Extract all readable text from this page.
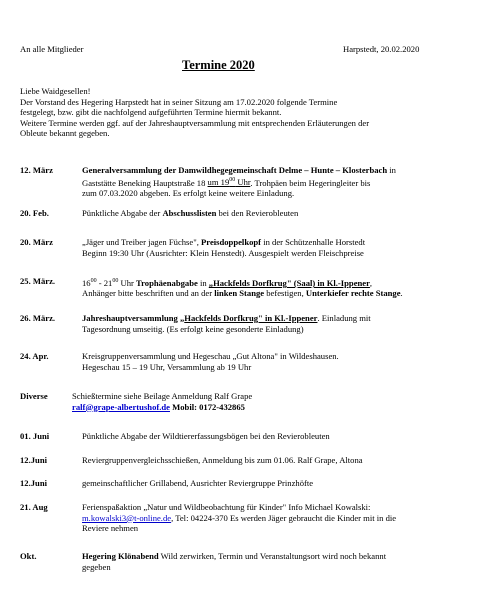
An alle Mitglieder	Harpstedt, 20.02.2020
Termine 2020
Liebe Waidgesellen!
Der Vorstand des Hegering Harpstedt hat in seiner Sitzung am 17.02.2020 folgende Termine
festgelegt, bzw. gibt die nachfolgend aufgeführten Termine hiermit bekannt.
Weitere Termine werden ggf. auf der Jahreshauptversammlung mit entsprechenden Erläuterungen der
Obleute bekannt gegeben.
12. März	Generalversammlung der Damwildhegegemeinschaft Delme – Hunte – Klosterbach in
Gaststätte Beneking Hauptstraße 18 um $19^{00}$ Uhr. Trohpäen beim Hegeringleiter bis
zum 07.03.2020 abgeben. Es erfolgt keine weitere Einladung.
20. Feb.	Pünktliche Abgabe der Abschusslisten bei den Revierobleuten
20. März	„Jäger und Treiber jagen Füchse", Preisdoppelkopf in der Schützenhalle Horstedt
Beginn 19:30 Uhr (Ausrichter: Klein Henstedt). Ausgespielt werden Fleischpreise
25. März.	$16^{00} - 21^{00}$ Uhr Trophäenabgabe in „Hackfelds Dorfkrug" (Saal) in Kl.-Ippener,
Anhänger bitte beschriften und an der linken Stange befestigen, Unterkiefer rechte Stange.
26. März.	Jahreshauptversammlung „Hackfelds Dorfkrug" in Kl.-Ippener. Einladung mit
Tagesordnung umseitig. (Es erfolgt keine gesonderte Einladung)
24. Apr.	Kreisgruppenversammlung und Hegeschau „Gut Altona" in Wildeshausen.
Hegeschau 15 – 19 Uhr, Versammlung ab 19 Uhr
Diverse	Schießtermine siehe Beilage Anmeldung Ralf Grape
ralf@grape-albertushof.de Mobil: 0172-432865
01. Juni	Pünktliche Abgabe der Wildtiererfassungsbögen bei den Revierobleuten
12.Juni	Reviergruppenvergleichsschießen, Anmeldung bis zum 01.06. Ralf Grape, Altona
12.Juni	gemeinschaftlicher Grillabend, Ausrichter Reviergruppe Prinzhöfte
21. Aug	Ferienspaßaktion „Natur und Wildbeobachtung für Kinder" Info Michael Kowalski:
m.kowalski3@t-online.de, Tel: 04224-370 Es werden Jäger gebraucht die Kinder mit in die
Reviere nehmen
Okt.	Hegering Klönabend Wild zerwirken, Termin und Veranstaltungsort wird noch bekannt
gegeben
